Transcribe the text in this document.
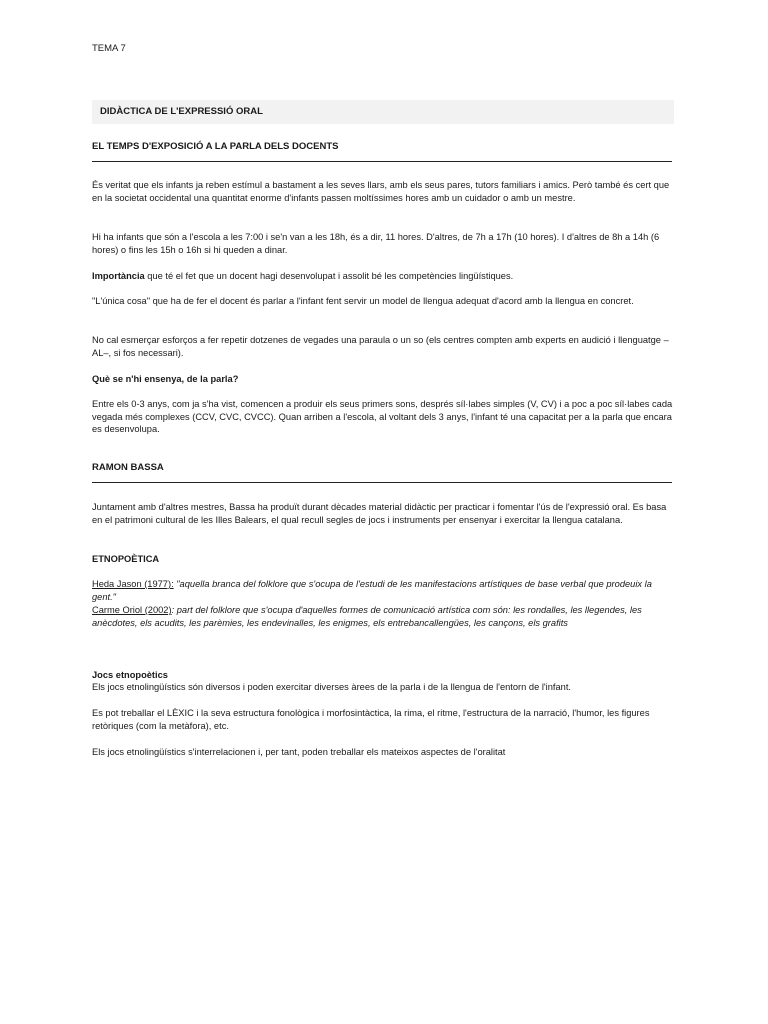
TEMA 7
DIDÀCTICA DE L'EXPRESSIÓ ORAL
EL TEMPS D'EXPOSICIÓ A LA PARLA DELS DOCENTS

És veritat que els infants ja reben estímul a bastament a les seves llars, amb els seus pares, tutors familiars i amics. Però també és cert que en la societat occidental una quantitat enorme d'infants passen moltíssimes hores amb un cuidador o amb un mestre.

Hi ha infants que són a l'escola a les 7:00 i se'n van a les 18h, és a dir, 11 hores. D'altres, de 7h a 17h (10 hores). I d'altres de 8h a 14h (6 hores) o fins les 15h o 16h si hi queden a dinar.

Importància que té el fet que un docent hagi desenvolupat i assolit bé les competències lingüístiques.

"L'única cosa" que ha de fer el docent és parlar a l'infant fent servir un model de llengua adequat d'acord amb la llengua en concret.

No cal esmerçar esforços a fer repetir dotzenes de vegades una paraula o un so (els centres compten amb experts en audició i llenguatge –AL–, si fos necessari).

Què se n'hi ensenya, de la parla?

Entre els 0-3 anys, com ja s'ha vist, comencen a produir els seus primers sons, després síl·labes simples (V, CV) i a poc a poc síl·labes cada vegada més complexes (CCV, CVC, CVCC). Quan arriben a l'escola, al voltant dels 3 anys, l'infant té una capacitat per a la parla que encara es desenvolupa.

RAMON BASSA

Juntament amb d'altres mestres, Bassa ha produït durant dècades material didàctic per practicar i fomentar l'ús de l'expressió oral. Es basa en el patrimoni cultural de les Illes Balears, el qual recull segles de jocs i instruments per ensenyar i exercitar la llengua catalana.

ETNOPOÈTICA

Heda Jason (1977): "aquella branca del folklore que s'ocupa de l'estudi de les manifestacions artístiques de base verbal que prodeuix la gent."

Carme Oriol (2002): part del folklore que s'ocupa d'aquelles formes de comunicació artística com són: les rondalles, les llegendes, les anècdotes, els acudits, les parèmies, les endevinalles, les enigmes, els entrebancallengües, les cançons, els grafits

Jocs etnopoètics

Els jocs etnolingüístics són diversos i poden exercitar diverses àrees de la parla i de la llengua de l'entorn de l'infant.

Es pot treballar el LÈXIC i la seva estructura fonològica i morfosintàctica, la rima, el ritme, l'estructura de la narració, l'humor, les figures retòriques (com la metàfora), etc.

Els jocs etnolingüístics s'interrelacionen i, per tant, poden treballar els mateixos aspectes de l'oralitat
